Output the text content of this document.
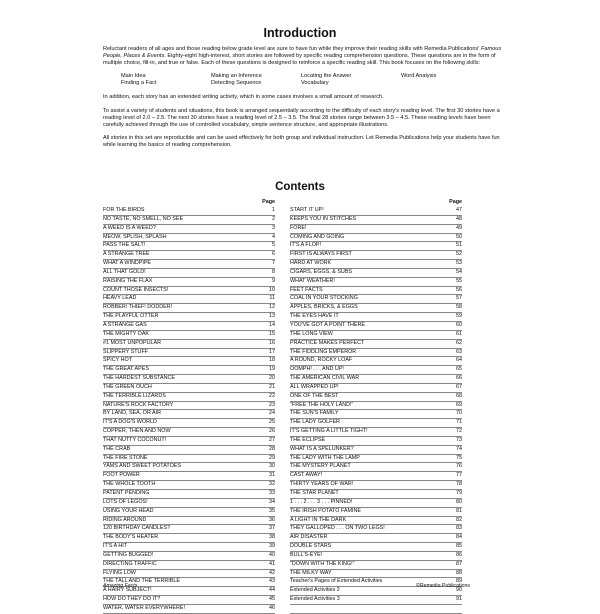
Introduction

Reluctant readers of all ages and those reading below grade level are sure to have fun while they improve their reading skills with Remedia Publications' Famous People, Places & Events. Eighty-eight high-interest, short stories are followed by specific reading comprehension questions. These questions are in the form of multiple choice, fill-in, and true or false. Each of these questions is designed to reinforce a specific reading skill. This book focuses on the following skills:

Main Idea	Making an Inference	Locating the Answer	Word Analysis
Finding a Fact	Detecting Sequence	Vocabulary

In addition, each story has an extended writing activity, which in some cases involves a small amount of research.

To assist a variety of students and situations, this book is arranged sequentially according to the difficulty of each story's reading level. The first 30 stories have a reading level of 2.0 – 2.5. The next 30 stories have a reading level of 2.5 – 3.5. The final 28 stories range between 3.5 – 4.5. These reading levels have been carefully achieved through the use of controlled vocabulary, simple sentence structure, and appropriate illustrations.

All stories in this set are reproducible and can be used effectively for both group and individual instruction. Let Remedia Publications help your students have fun while learning the basics of reading comprehension.

Contents
Page
FOR THE BIRDS	1
NO TASTE, NO SMELL, NO SEE	2
A WEED IS A WEED?	3
MEOW, SPLISH, SPLASH	4
PASS THE SALT!	5
A STRANGE TREE	6
WHAT A WINDPIPE	7
ALL THAT GOLD!	8
RAISING THE FLAX	9
COUNT THOSE INSECTS!	10
HEAVY LEAD	11
ROBBER! THIEF! DODDER!	12
THE PLAYFUL OTTER	13
A STRANGE GAS	14
THE MIGHTY OAK	15
#1 MOST UNPOPULAR	16
SLIPPERY STUFF	17
SPICY HOT	18
THE GREAT APES	19
THE HARDEST SUBSTANCE	20
THE GREEN OUCH	21
THE TERRIBLE LIZARDS	22
NATURE'S ROCK FACTORY	23
BY LAND, SEA, OR AIR	24
IT'S A DOG'S WORLD	25
COPPER, THEN AND NOW	26
THAT NUTTY COCONUT!	27
THE CRAB	28
THE FIRE STONE	29
YAMS AND SWEET POTATOES	30
FOOT POWER	31
THE WHOLE TOOTH	32
PATENT PENDING	33
LOTS OF LEGOS!	34
USING YOUR HEAD	35
RIDING AROUND	36
120 BIRTHDAY CANDLES?	37
THE BODY'S HEATER	38
IT'S A HIT	39
GETTING BUGGED!	40
DIRECTING TRAFFIC	41
FLYING LOW	42
THE TALL AND THE TERRIBLE	43
A HAIRY SUBJECT!	44
HOW DO THEY DO IT?	45
WATER, WATER EVERYWHERE!	46
Page
START IT UP!	47
KEEPS YOU IN STITCHES	48
FORE!	49
COMING AND GOING	50
IT'S A FLOP!	51
FIRST IS ALWAYS FIRST	52
HARD AT WORK	53
CIGARS, EGGS, & SUBS	54
WHAT WEATHER!	55
FEET FACTS	56
COAL IN YOUR STOCKING	57
APPLES, BRICKS, & EGGS	58
THE EYES HAVE IT	59
YOU'VE GOT A POINT THERE	60
THE LONG VIEW	61
PRACTICE MAKES PERFECT	62
THE FIDDLING EMPEROR	63
A ROUND, ROCKY LOAF	64
OOMPH! . . . AND UP!	65
THE AMERICAN CIVIL WAR	66
ALL WRAPPED UP!	67
ONE OF THE BEST	68
"FREE THE HOLY LAND!"	69
THE SUN'S FAMILY	70
THE LADY GOLFER	71
IT'S GETTING A LITTLE TIGHT!	72
THE ECLIPSE	73
WHAT IS A SPELUNKER?	74
THE LADY WITH THE LAMP	75
THE MYSTERY PLANET	76
CAST AWAY!	77
THIRTY YEARS OF WAR!	78
THE STAR PLANET	79
1 . . . 2 . . . 3 . . . PINNED!	80
THE IRISH POTATO FAMINE	81
A LIGHT IN THE DARK	82
THEY GALLOPED . . . ON TWO LEGS!	83
AIR DISASTER	84
DOUBLE STARS	85
BULL'S-EYE!	86
"DOWN WITH THE KING!"	87
THE MILKY WAY	88
Teacher's Pages of Extended Activities	89
Extended Activities 2	90
Extended Activities 3	91
Amazing Facts	©Remedia Publications
